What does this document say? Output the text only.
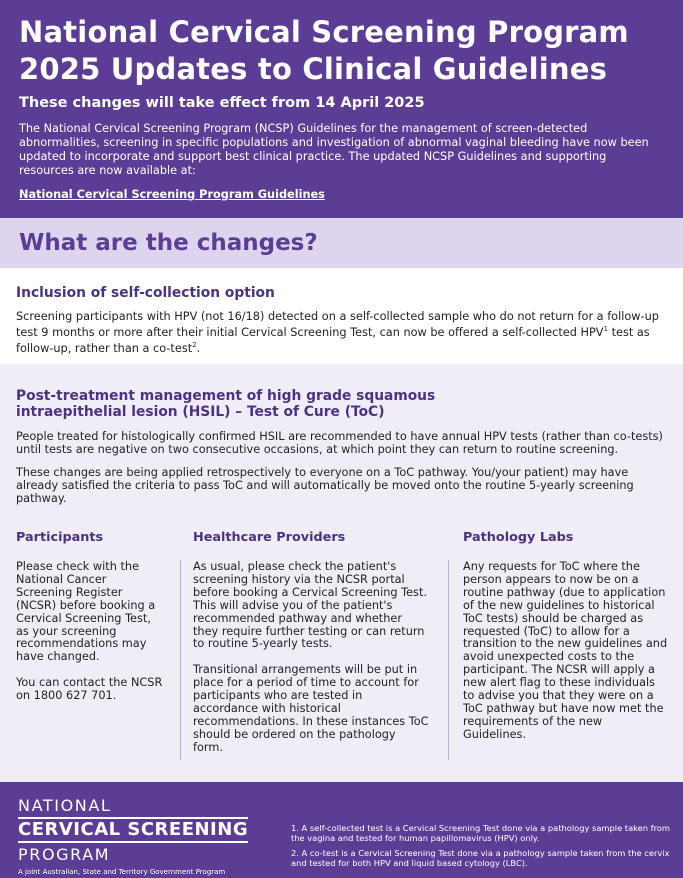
National Cervical Screening Program
2025 Updates to Clinical Guidelines
These changes will take effect from 14 April 2025
The National Cervical Screening Program (NCSP) Guidelines for the management of screen-detected abnormalities, screening in specific populations and investigation of abnormal vaginal bleeding have now been updated to incorporate and support best clinical practice. The updated NCSP Guidelines and supporting resources are now available at:
National Cervical Screening Program Guidelines
What are the changes?
Inclusion of self-collection option
Screening participants with HPV (not 16/18) detected on a self-collected sample who do not return for a follow-up test 9 months or more after their initial Cervical Screening Test, can now be offered a self-collected HPV$^1$ test as follow-up, rather than a co-test$^2$.
Post-treatment management of high grade squamous intraepithelial lesion (HSIL) – Test of Cure (ToC)
People treated for histologically confirmed HSIL are recommended to have annual HPV tests (rather than co-tests) until tests are negative on two consecutive occasions, at which point they can return to routine screening.
These changes are being applied retrospectively to everyone on a ToC pathway. You/your patient) may have already satisfied the criteria to pass ToC and will automatically be moved onto the routine 5-yearly screening pathway.
Participants
Please check with the National Cancer Screening Register (NCSR) before booking a Cervical Screening Test, as your screening recommendations may have changed.
You can contact the NCSR on 1800 627 701.
Healthcare Providers
As usual, please check the patient's screening history via the NCSR portal before booking a Cervical Screening Test. This will advise you of the patient's recommended pathway and whether they require further testing or can return to routine 5-yearly tests.
Transitional arrangements will be put in place for a period of time to account for participants who are tested in accordance with historical recommendations. In these instances ToC should be ordered on the pathology form.
Pathology Labs
Any requests for ToC where the person appears to now be on a routine pathway (due to application of the new guidelines to historical ToC tests) should be charged as requested (ToC) to allow for a transition to the new guidelines and avoid unexpected costs to the participant. The NCSR will apply a new alert flag to these individuals to advise you that they were on a ToC pathway but have now met the requirements of the new Guidelines.
NATIONAL
CERVICAL SCREENING
PROGRAM
A joint Australian, State and Territory Government Program
1. A self-collected test is a Cervical Screening Test done via a pathology sample taken from the vagina and tested for human papillomavirus (HPV) only.
2. A co-test is a Cervical Screening Test done via a pathology sample taken from the cervix and tested for both HPV and liquid based cytology (LBC).
